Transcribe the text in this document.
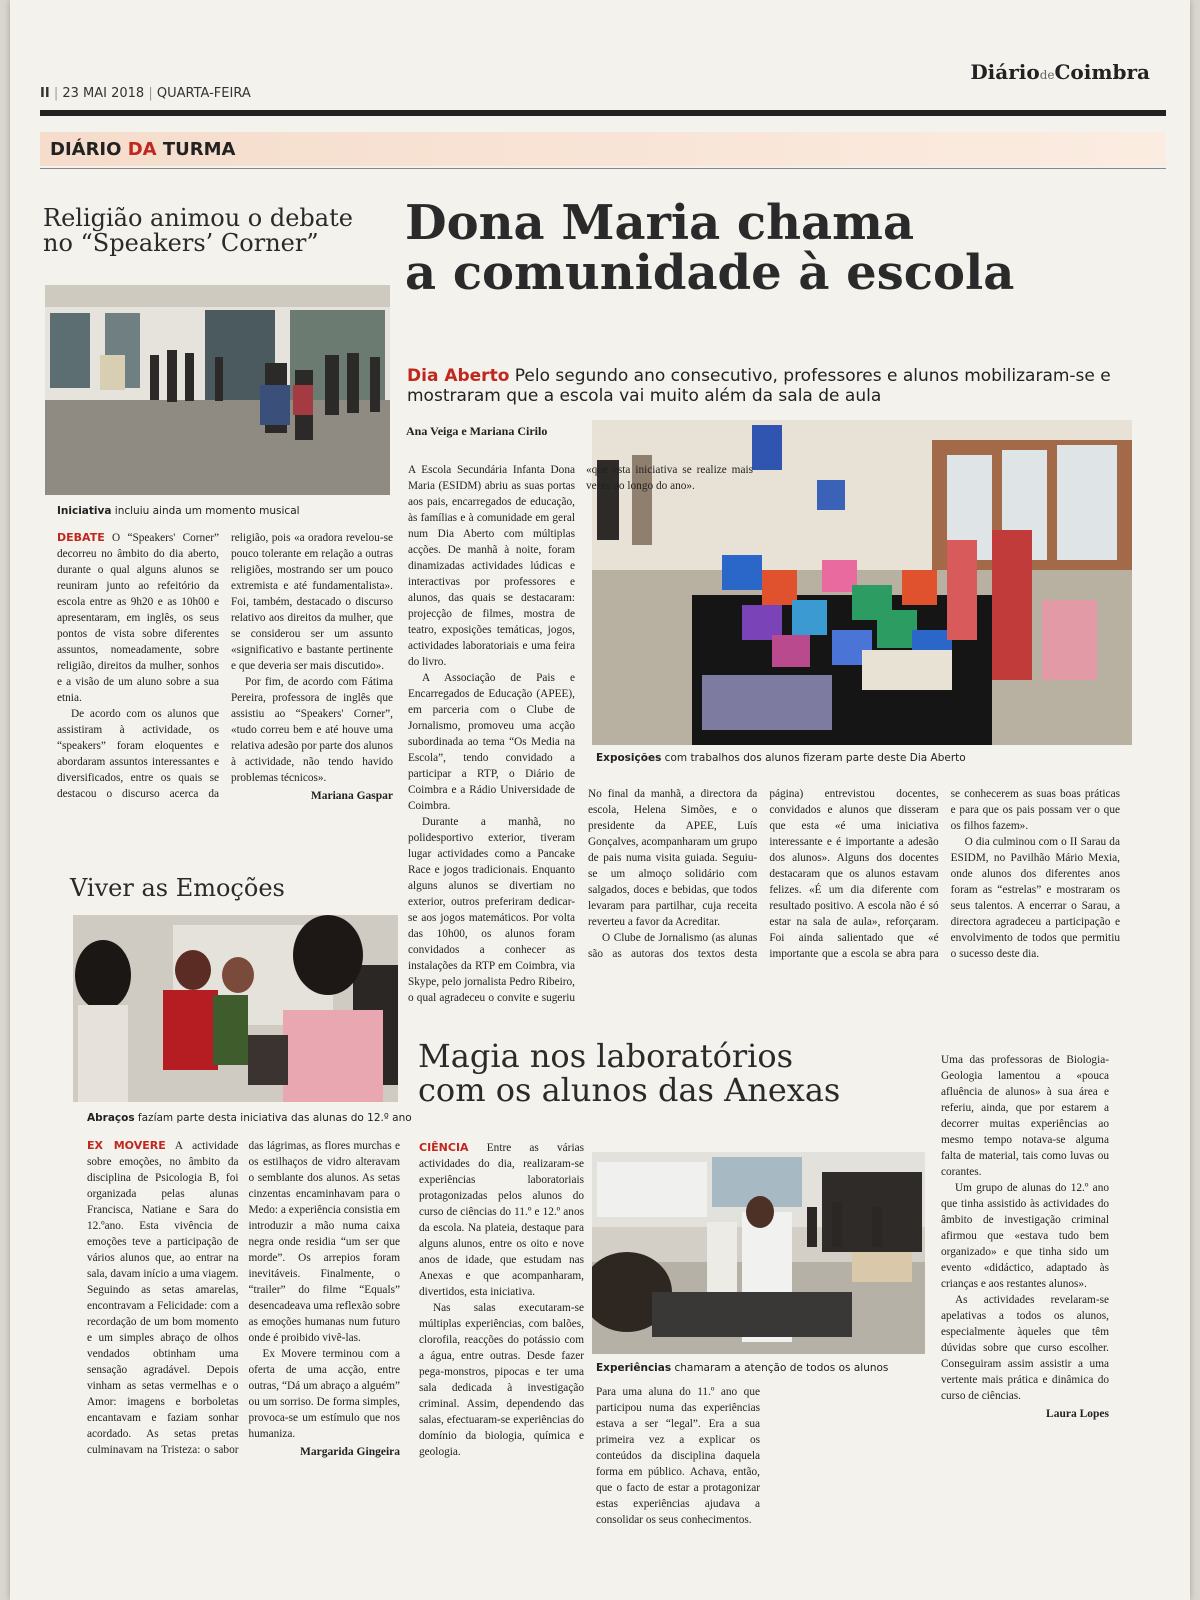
II | 23 MAI 2018 | QUARTA-FEIRA
DiáriodeCoimbra
DIÁRIO DA TURMA
Religião animou o debate
no “Speakers’ Corner”
Iniciativa incluiu ainda um momento musical

DEBATE O “Speakers' Corner” decorreu no âmbito do dia aberto, durante o qual alguns alunos se reuniram junto ao refeitório da escola entre as 9h20 e as 10h00 e apresentaram, em inglês, os seus pontos de vista sobre diferentes assuntos, nomeadamente, sobre religião, direitos da mulher, sonhos e a visão de um aluno sobre a sua etnia.

De acordo com os alunos que assistiram à actividade, os “speakers” foram eloquentes e abordaram assuntos interessantes e diversificados, entre os quais se destacou o discurso acerca da religião, pois «a oradora revelou-se pouco tolerante em relação a outras religiões, mostrando ser um pouco extremista e até fundamentalista». Foi, também, destacado o discurso relativo aos direitos da mulher, que se considerou ser um assunto «significativo e bastante pertinente e que deveria ser mais discutido».

Por fim, de acordo com Fátima Pereira, professora de inglês que assistiu ao “Speakers' Corner”, «tudo correu bem e até houve uma relativa adesão por parte dos alunos à actividade, não tendo havido problemas técnicos».

Mariana Gaspar
Viver as Emoções
Abraços fazíam parte desta iniciativa das alunas do 12.º ano

EX MOVERE A actividade sobre emoções, no âmbito da disciplina de Psicologia B, foi organizada pelas alunas Francisca, Natiane e Sara do 12.ºano. Esta vivência de emoções teve a participação de vários alunos que, ao entrar na sala, davam início a uma viagem. Seguindo as setas amarelas, encontravam a Felicidade: com a recordação de um bom momento e um simples abraço de olhos vendados obtinham uma sensação agradável. Depois vinham as setas vermelhas e o Amor: imagens e borboletas encantavam e faziam sonhar acordado. As setas pretas culminavam na Tristeza: o sabor das lágrimas, as flores murchas e os estilhaços de vidro alteravam o semblante dos alunos. As setas cinzentas encaminhavam para o Medo: a experiência consistia em introduzir a mão numa caixa negra onde residia “um ser que morde”. Os arrepios foram inevitáveis. Finalmente, o “trailer” do filme “Equals” desencadeava uma reflexão sobre as emoções humanas num futuro onde é proibido vivê-las.

Ex Movere terminou com a oferta de uma acção, entre outras, “Dá um abraço a alguém” ou um sorriso. De forma simples, provoca-se um estímulo que nos humaniza.

Margarida Gingeira
Dona Maria chama
a comunidade à escola
Dia Aberto Pelo segundo ano consecutivo, professores e alunos mobilizaram-se e mostraram que a escola vai muito além da sala de aula
Ana Veiga e Mariana Cirilo
Exposições com trabalhos dos alunos fizeram parte deste Dia Aberto

A Escola Secundária Infanta Dona Maria (ESIDM) abriu as suas portas aos pais, encarregados de educação, às famílias e à comunidade em geral num Dia Aberto com múltiplas acções. De manhã à noite, foram dinamizadas actividades lúdicas e interactivas por professores e alunos, das quais se destacaram: projecção de filmes, mostra de teatro, exposições temáticas, jogos, actividades laboratoriais e uma feira do livro.

A Associação de Pais e Encarregados de Educação (APEE), em parceria com o Clube de Jornalismo, promoveu uma acção subordinada ao tema “Os Media na Escola”, tendo convidado a participar a RTP, o Diário de Coimbra e a Rádio Universidade de Coimbra.

Durante a manhã, no polidesportivo exterior, tiveram lugar actividades como a Pancake Race e jogos tradicionais. Enquanto alguns alunos se divertiam no exterior, outros preferiram dedicar-se aos jogos matemáticos. Por volta das 10h00, os alunos foram convidados a conhecer as instalações da RTP em Coimbra, via Skype, pelo jornalista Pedro Ribeiro, o qual agradeceu o convite e sugeriu «que esta iniciativa se realize mais vezes ao longo do ano».

No final da manhã, a directora da escola, Helena Simões, e o presidente da APEE, Luís Gonçalves, acompanharam um grupo de pais numa visita guiada. Seguiu-se um almoço solidário com salgados, doces e bebidas, que todos levaram para partilhar, cuja receita reverteu a favor da Acreditar.

O Clube de Jornalismo (as alunas são as autoras dos textos desta página) entrevistou docentes, convidados e alunos que disseram que esta «é uma iniciativa interessante e é importante a adesão dos alunos». Alguns dos docentes destacaram que os alunos estavam felizes. «É um dia diferente com resultado positivo. A escola não é só estar na sala de aula», reforçaram. Foi ainda salientado que «é importante que a escola se abra para se conhecerem as suas boas práticas e para que os pais possam ver o que os filhos fazem».

O dia culminou com o II Sarau da ESIDM, no Pavilhão Mário Mexia, onde alunos dos diferentes anos foram as “estrelas” e mostraram os seus talentos. A encerrar o Sarau, a directora agradeceu a participação e envolvimento de todos que permitiu o sucesso deste dia.

Magia nos laboratórios
com os alunos das Anexas
Experiências chamaram a atenção de todos os alunos

CIÊNCIA Entre as várias actividades do dia, realizaram-se experiências laboratoriais protagonizadas pelos alunos do curso de ciências do 11.º e 12.º anos da escola. Na plateia, destaque para alguns alunos, entre os oito e nove anos de idade, que estudam nas Anexas e que acompanharam, divertidos, esta iniciativa.

Nas salas executaram-se múltiplas experiências, com balões, clorofila, reacções do potássio com a água, entre outras. Desde fazer pega-monstros, pipocas e ter uma sala dedicada à investigação criminal. Assim, dependendo das salas, efectuaram-se experiências do domínio da biologia, química e geologia.

Para uma aluna do 11.º ano que participou numa das experiências estava a ser “legal”. Era a sua primeira vez a explicar os conteúdos da disciplina daquela forma em público. Achava, então, que o facto de estar a protagonizar estas experiências ajudava a consolidar os seus conhecimentos.

Uma das professoras de Biologia-Geologia lamentou a «pouca afluência de alunos» à sua área e referiu, ainda, que por estarem a decorrer muitas experiências ao mesmo tempo notava-se alguma falta de material, tais como luvas ou corantes.

Um grupo de alunas do 12.º ano que tinha assistido às actividades do âmbito de investigação criminal afirmou que «estava tudo bem organizado» e que tinha sido um evento «didáctico, adaptado às crianças e aos restantes alunos».

As actividades revelaram-se apelativas a todos os alunos, especialmente àqueles que têm dúvidas sobre que curso escolher. Conseguiram assim assistir a uma vertente mais prática e dinâmica do curso de ciências.

Laura Lopes
